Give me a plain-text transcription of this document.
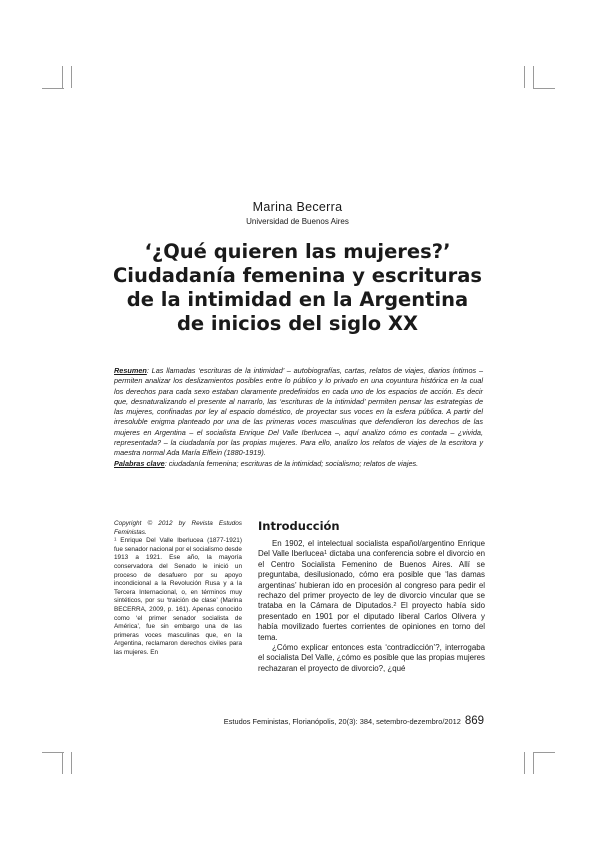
Marina Becerra
Universidad de Buenos Aires
‘¿Qué quieren las mujeres?’
Ciudadanía femenina y escrituras
de la intimidad en la Argentina
de inicios del siglo XX

Resumen: Las llamadas ‘escrituras de la intimidad’ – autobiografías, cartas, relatos de viajes, diarios íntimos – permiten analizar los deslizamientos posibles entre lo público y lo privado en una coyuntura histórica en la cual los derechos para cada sexo estaban claramente predefinidos en cada uno de los espacios de acción. Es decir que, desnaturalizando el presente al narrarlo, las ‘escrituras de la intimidad’ permiten pensar las estrategias de las mujeres, confinadas por ley al espacio doméstico, de proyectar sus voces en la esfera pública. A partir del irresoluble enigma planteado por una de las primeras voces masculinas que defendieron los derechos de las mujeres en Argentina – el socialista Enrique Del Valle Iberlucea –, aquí analizo cómo es contada – ¿vivida, representada? – la ciudadanía por las propias mujeres. Para ello, analizo los relatos de viajes de la escritora y maestra normal Ada María Elflein (1880-1919).

Palabras clave: ciudadanía femenina; escrituras de la intimidad; socialismo; relatos de viajes.

Copyright © 2012 by Revista Estudos Feministas.

$^1$ Enrique Del Valle Iberlucea (1877-1921) fue senador nacional por el socialismo desde 1913 a 1921. Ese año, la mayoría conservadora del Senado le inició un proceso de desafuero por su apoyo incondicional a la Revolución Rusa y a la Tercera Internacional, o, en términos muy sintéticos, por su ‘traición de clase’ (Marina BECERRA, 2009, p. 161). Apenas conocido como ‘el primer senador socialista de América’, fue sin embargo una de las primeras voces masculinas que, en la Argentina, reclamaron derechos civiles para las mujeres. En

Introducción

En 1902, el intelectual socialista español/argentino Enrique Del Valle Iberlucea$^1$ dictaba una conferencia sobre el divorcio en el Centro Socialista Femenino de Buenos Aires. Allí se preguntaba, desilusionado, cómo era posible que ‘las damas argentinas’ hubieran ido en procesión al congreso para pedir el rechazo del primer proyecto de ley de divorcio vincular que se trataba en la Cámara de Diputados.$^2$ El proyecto había sido presentado en 1901 por el diputado liberal Carlos Olivera y había movilizado fuertes corrientes de opiniones en torno del tema.

¿Cómo explicar entonces esta ‘contradicción’?, interrogaba el socialista Del Valle, ¿cómo es posible que las propias mujeres rechazaran el proyecto de divorcio?, ¿qué

Estudos Feministas, Florianópolis, 20(3): 384, setembro-dezembro/2012 869
